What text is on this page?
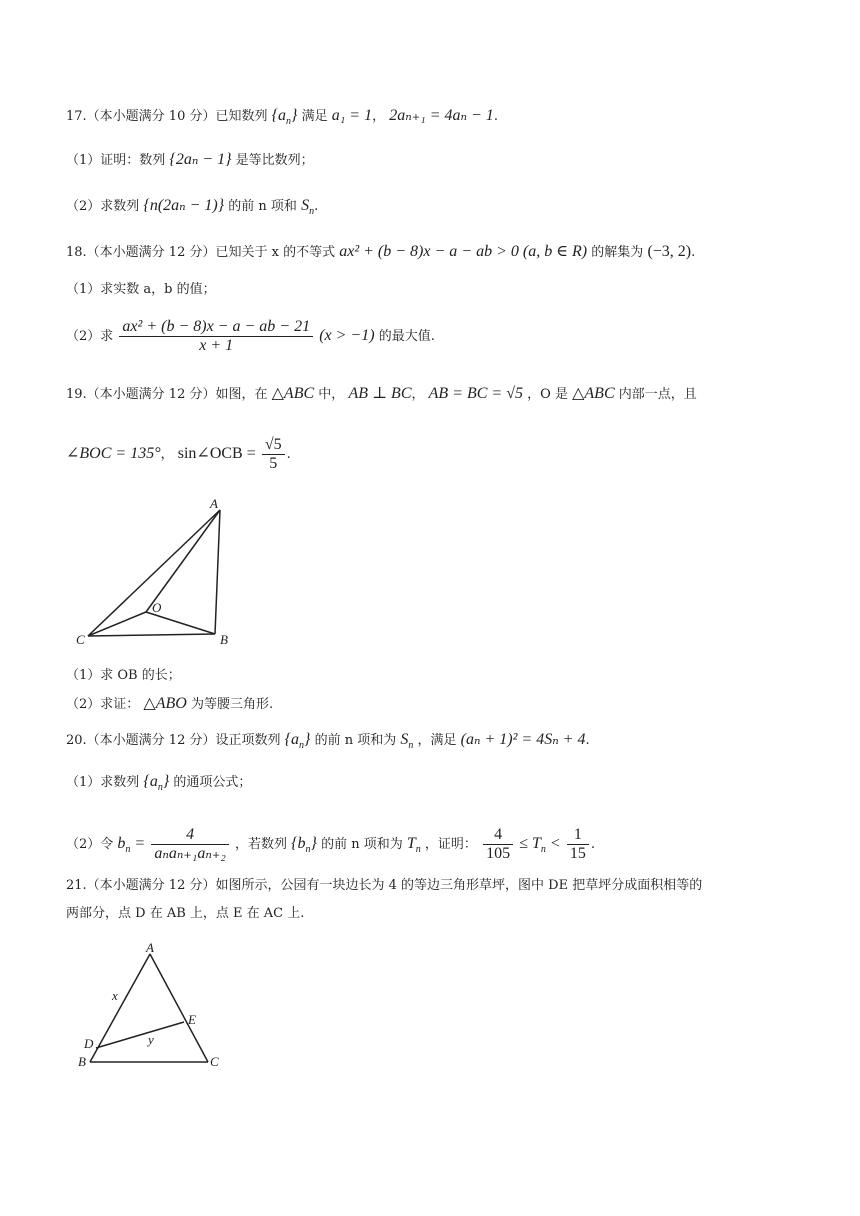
17.（本小题满分 10 分）已知数列 $\{a_n\}$ 满足 a₁ = 1， 2aₙ₊₁ = 4aₙ − 1.
（1）证明：数列 {2aₙ − 1} 是等比数列；
（2）求数列 {n(2aₙ − 1)} 的前 n 项和 $S_n$.
18.（本小题满分 12 分）已知关于 x 的不等式 ax² + (b − 8)x − a − ab > 0 (a, b ∈ R) 的解集为 (−3, 2).
（1）求实数 a，b 的值；
（2）求 $\frac{\text{ax² + (b − 8)x − a − ab − 21}}{x + 1} (x > -1)$ 的最大值.
19.（本小题满分 12 分）如图，在 △ABC 中， AB ⊥ BC， AB = BC = √5 ，O 是 △ABC 内部一点，且
∠BOC = 135°， sin∠OCB = $\frac{√5}{5}$ .
A
B
C
O
（1）求 OB 的长；
（2）求证： △ABO 为等腰三角形.
20.（本小题满分 12 分）设正项数列 $\{a_n\}$ 的前 n 项和为 $S_n$ ，满足 (aₙ + 1)² = 4Sₙ + 4.
（1）求数列 $\{a_n\}$ 的通项公式；
（2）令 $b_n = \frac{4}{\text{aₙaₙ₊₁aₙ₊₂}}$ ，若数列 $\{b_n\}$ 的前 n 项和为 $T_n$ ，证明： $\frac{4}{105} \le T_n < \frac{1}{15}$ .
21.（本小题满分 12 分）如图所示，公园有一块边长为 4 的等边三角形草坪，图中 DE 把草坪分成面积相等的
两部分，点 D 在 AB 上，点 E 在 AC 上.
A
B	C
D
E
x
y
